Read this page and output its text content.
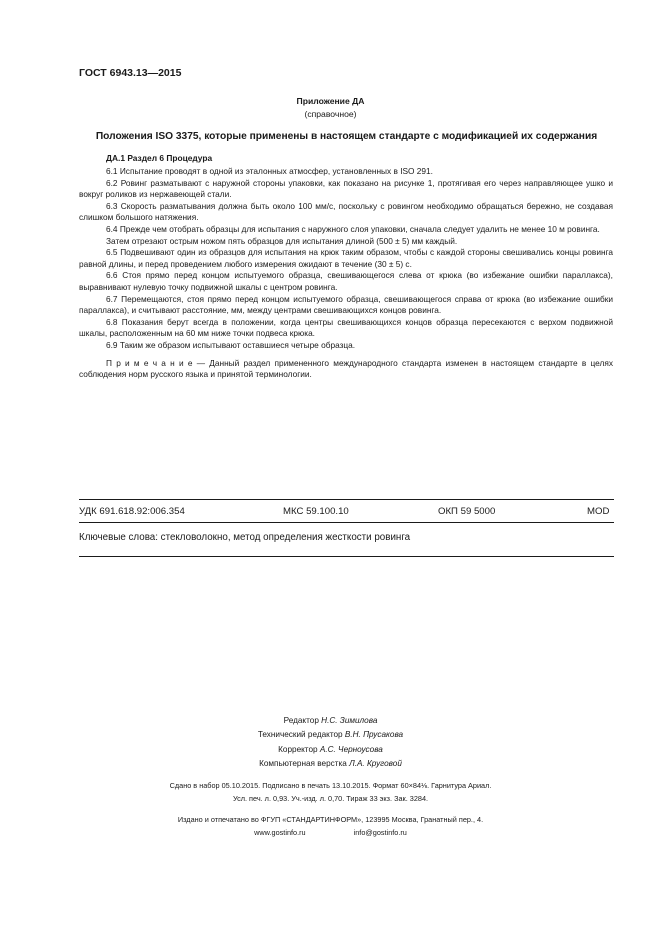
ГОСТ 6943.13—2015
Приложение ДА
(справочное)
Положения ISO 3375, которые применены в настоящем стандарте с модификацией их содержания
ДА.1 Раздел 6 Процедура

6.1 Испытание проводят в одной из эталонных атмосфер, установленных в ISO 291.

6.2 Ровинг разматывают с наружной стороны упаковки, как показано на рисунке 1, протягивая его через направляющее ушко и вокруг роликов из нержавеющей стали.

6.3 Скорость разматывания должна быть около 100 мм/с, поскольку с ровингом необходимо обращаться бережно, не создавая слишком большого натяжения.

6.4 Прежде чем отобрать образцы для испытания с наружного слоя упаковки, сначала следует удалить не менее 10 м ровинга.

Затем отрезают острым ножом пять образцов для испытания длиной (500 ± 5) мм каждый.

6.5 Подвешивают один из образцов для испытания на крюк таким образом, чтобы с каждой стороны свешивались концы ровинга равной длины, и перед проведением любого измерения ожидают в течение (30 ± 5) с.

6.6 Стоя прямо перед концом испытуемого образца, свешивающегося слева от крюка (во избежание ошибки параллакса), выравнивают нулевую точку подвижной шкалы с центром ровинга.

6.7 Перемещаются, стоя прямо перед концом испытуемого образца, свешивающегося справа от крюка (во избежание ошибки параллакса), и считывают расстояние, мм, между центрами свешивающихся концов ровинга.

6.8 Показания берут всегда в положении, когда центры свешивающихся концов образца пересекаются с верхом подвижной шкалы, расположенным на 60 мм ниже точки подвеса крюка.

6.9 Таким же образом испытывают оставшиеся четыре образца.

П р и м е ч а н и е — Данный раздел примененного международного стандарта изменен в настоящем стандарте в целях соблюдения норм русского языка и принятой терминологии.

УДК 691.618.92:006.354	МКС 59.100.10	ОКП 59 5000	MOD
Ключевые слова: стекловолокно, метод определения жесткости ровинга
Редактор Н.С. Зимилова
Технический редактор В.Н. Прусакова
Корректор А.С. Черноусова
Компьютерная верстка Л.А. Круговой
Сдано в набор 05.10.2015. Подписано в печать 13.10.2015. Формат 60×84⅛. Гарнитура Ариал.
Усл. печ. л. 0,93. Уч.-изд. л. 0,70. Тираж 33 экз. Зак. 3284.
Издано и отпечатано во ФГУП «СТАНДАРТИНФОРМ», 123995 Москва, Гранатный пер., 4.
www.gostinfo.ru	info@gostinfo.ru
